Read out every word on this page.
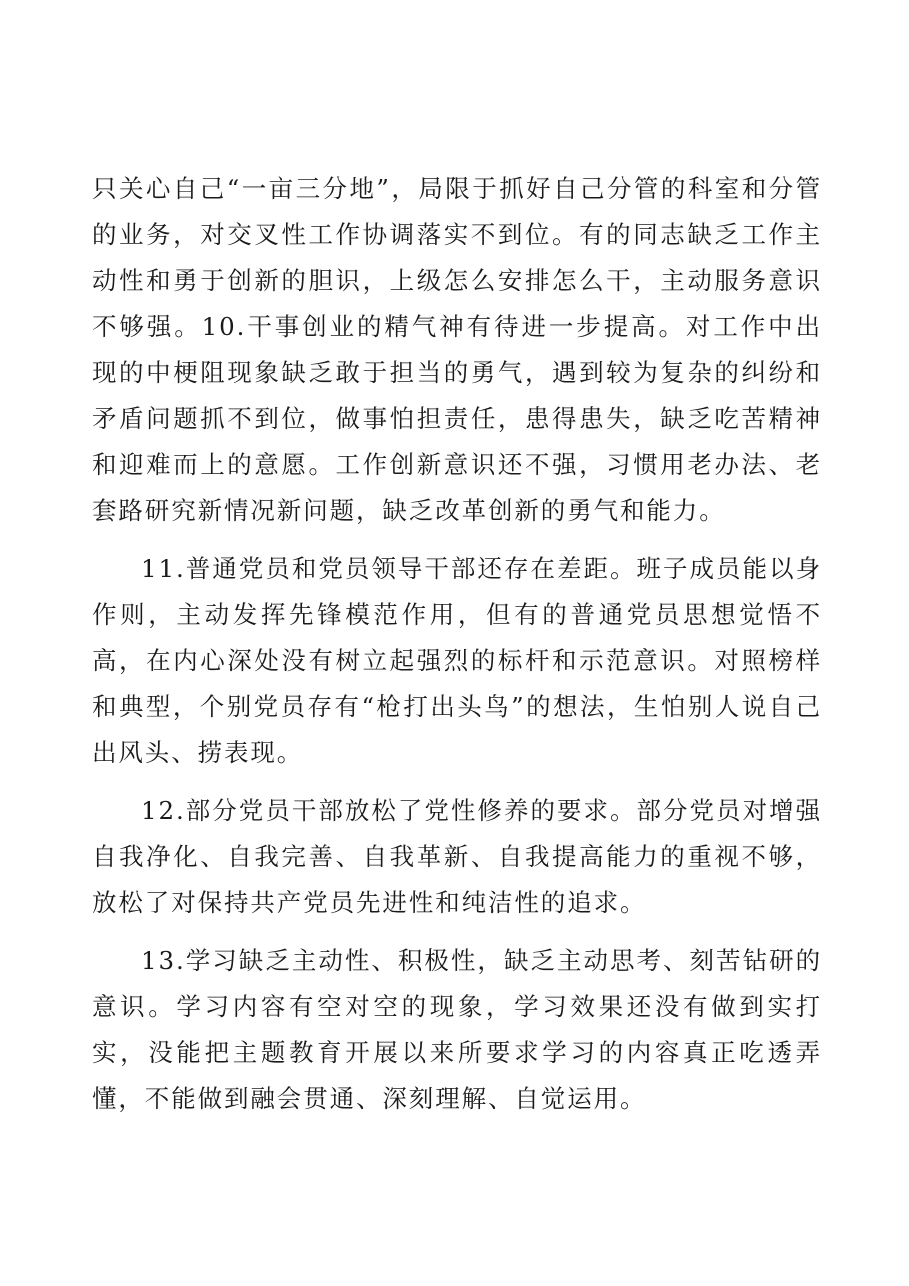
只关心自己“一亩三分地”，局限于抓好自己分管的科室和分管的业务，对交叉性工作协调落实不到位。有的同志缺乏工作主动性和勇于创新的胆识，上级怎么安排怎么干，主动服务意识不够强。10.干事创业的精气神有待进一步提高。对工作中出现的中梗阻现象缺乏敢于担当的勇气，遇到较为复杂的纠纷和矛盾问题抓不到位，做事怕担责任，患得患失，缺乏吃苦精神和迎难而上的意愿。工作创新意识还不强，习惯用老办法、老套路研究新情况新问题，缺乏改革创新的勇气和能力。

11.普通党员和党员领导干部还存在差距。班子成员能以身作则，主动发挥先锋模范作用，但有的普通党员思想觉悟不高，在内心深处没有树立起强烈的标杆和示范意识。对照榜样和典型，个别党员存有“枪打出头鸟”的想法，生怕别人说自己出风头、捞表现。

12.部分党员干部放松了党性修养的要求。部分党员对增强自我净化、自我完善、自我革新、自我提高能力的重视不够，放松了对保持共产党员先进性和纯洁性的追求。

13.学习缺乏主动性、积极性，缺乏主动思考、刻苦钻研的意识。学习内容有空对空的现象，学习效果还没有做到实打实，没能把主题教育开展以来所要求学习的内容真正吃透弄懂，不能做到融会贯通、深刻理解、自觉运用。
